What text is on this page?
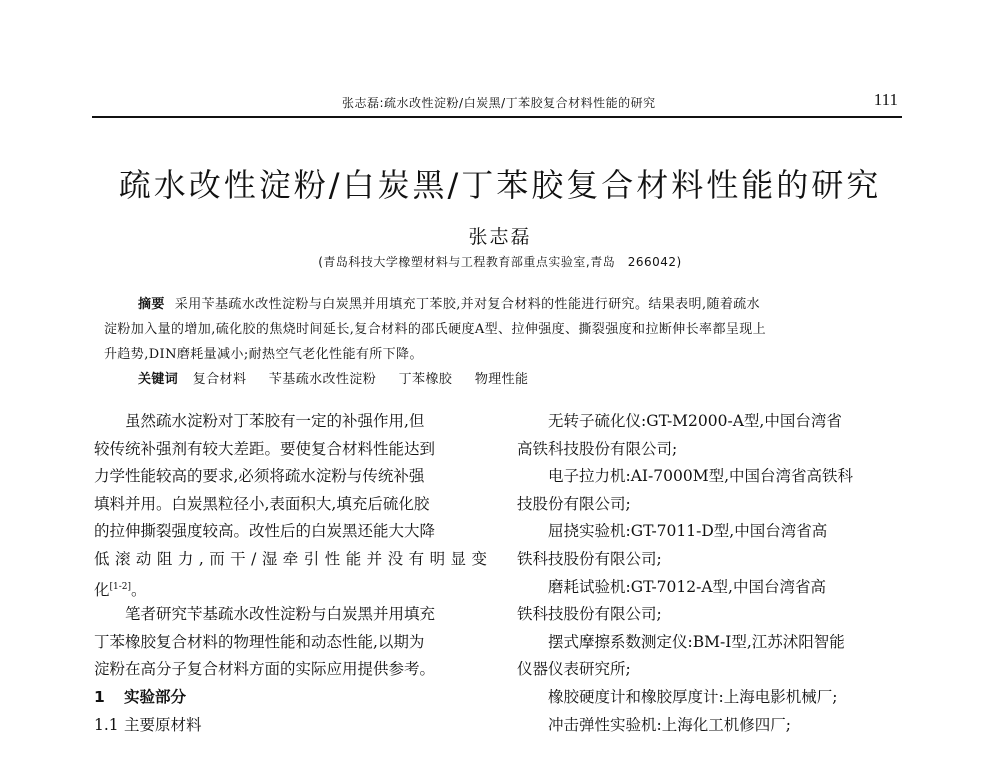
张志磊:疏水改性淀粉/白炭黑/丁苯胶复合材料性能的研究	111
疏水改性淀粉/白炭黑/丁苯胶复合材料性能的研究
张志磊
(青岛科技大学橡塑材料与工程教育部重点实验室,青岛　266042)
摘要 采用苄基疏水改性淀粉与白炭黑并用填充丁苯胶,并对复合材料的性能进行研究。结果表明,随着疏水
淀粉加入量的增加,硫化胶的焦烧时间延长,复合材料的邵氏硬度A型、拉伸强度、撕裂强度和拉断伸长率都呈现上
升趋势,DIN磨耗量减小;耐热空气老化性能有所下降。
关键词 复合材料 苄基疏水改性淀粉 丁苯橡胶 物理性能
虽然疏水淀粉对丁苯胶有一定的补强作用,但
较传统补强剂有较大差距。要使复合材料性能达到
力学性能较高的要求,必须将疏水淀粉与传统补强
填料并用。白炭黑粒径小,表面积大,填充后硫化胶
的拉伸撕裂强度较高。改性后的白炭黑还能大大降
低滚动阻力,而干/湿牵引性能并没有明显变
化[1-2]。
笔者研究苄基疏水改性淀粉与白炭黑并用填充
丁苯橡胶复合材料的物理性能和动态性能,以期为
淀粉在高分子复合材料方面的实际应用提供参考。
1 实验部分
1.1 主要原材料
无转子硫化仪:GT-M2000-A型,中国台湾省
高铁科技股份有限公司;
电子拉力机:AI-7000M型,中国台湾省高铁科
技股份有限公司;
屈挠实验机:GT-7011-D型,中国台湾省高
铁科技股份有限公司;
磨耗试验机:GT-7012-A型,中国台湾省高
铁科技股份有限公司;
摆式摩擦系数测定仪:BM-Ⅰ型,江苏沭阳智能
仪器仪表研究所;
橡胶硬度计和橡胶厚度计:上海电影机械厂;
冲击弹性实验机:上海化工机修四厂;
